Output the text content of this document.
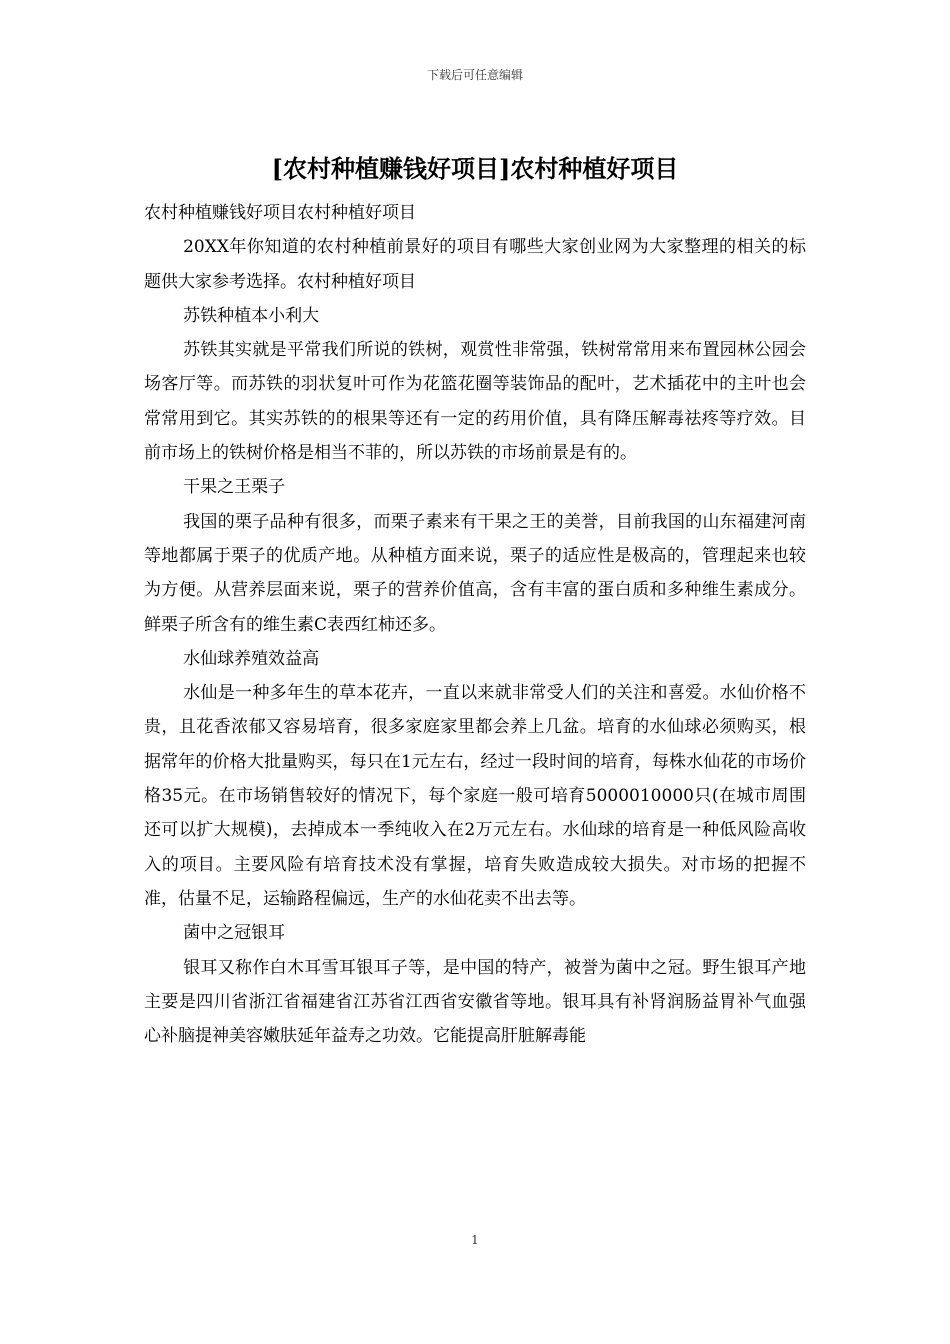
下载后可任意编辑
[农村种植赚钱好项目]农村种植好项目

农村种植赚钱好项目农村种植好项目

20XX年你知道的农村种植前景好的项目有哪些大家创业网为大家整理的相关的标题供大家参考选择。农村种植好项目

苏铁种植本小利大

苏铁其实就是平常我们所说的铁树，观赏性非常强，铁树常常用来布置园林公园会场客厅等。而苏铁的羽状复叶可作为花篮花圈等装饰品的配叶，艺术插花中的主叶也会常常用到它。其实苏铁的的根果等还有一定的药用价值，具有降压解毒祛疼等疗效。目前市场上的铁树价格是相当不菲的，所以苏铁的市场前景是有的。

干果之王栗子

我国的栗子品种有很多，而栗子素来有干果之王的美誉，目前我国的山东福建河南等地都属于栗子的优质产地。从种植方面来说，栗子的适应性是极高的，管理起来也较为方便。从营养层面来说，栗子的营养价值高，含有丰富的蛋白质和多种维生素成分。鲜栗子所含有的维生素C表西红柿还多。

水仙球养殖效益高

水仙是一种多年生的草本花卉，一直以来就非常受人们的关注和喜爱。水仙价格不贵，且花香浓郁又容易培育，很多家庭家里都会养上几盆。培育的水仙球必须购买，根据常年的价格大批量购买，每只在1元左右，经过一段时间的培育，每株水仙花的市场价格35元。在市场销售较好的情况下，每个家庭一般可培育5000010000只(在城市周围还可以扩大规模)，去掉成本一季纯收入在2万元左右。水仙球的培育是一种低风险高收入的项目。主要风险有培育技术没有掌握，培育失败造成较大损失。对市场的把握不准，估量不足，运输路程偏远，生产的水仙花卖不出去等。

菌中之冠银耳

银耳又称作白木耳雪耳银耳子等，是中国的特产，被誉为菌中之冠。野生银耳产地主要是四川省浙江省福建省江苏省江西省安徽省等地。银耳具有补肾润肠益胃补气血强心补脑提神美容嫩肤延年益寿之功效。它能提高肝脏解毒能

1
